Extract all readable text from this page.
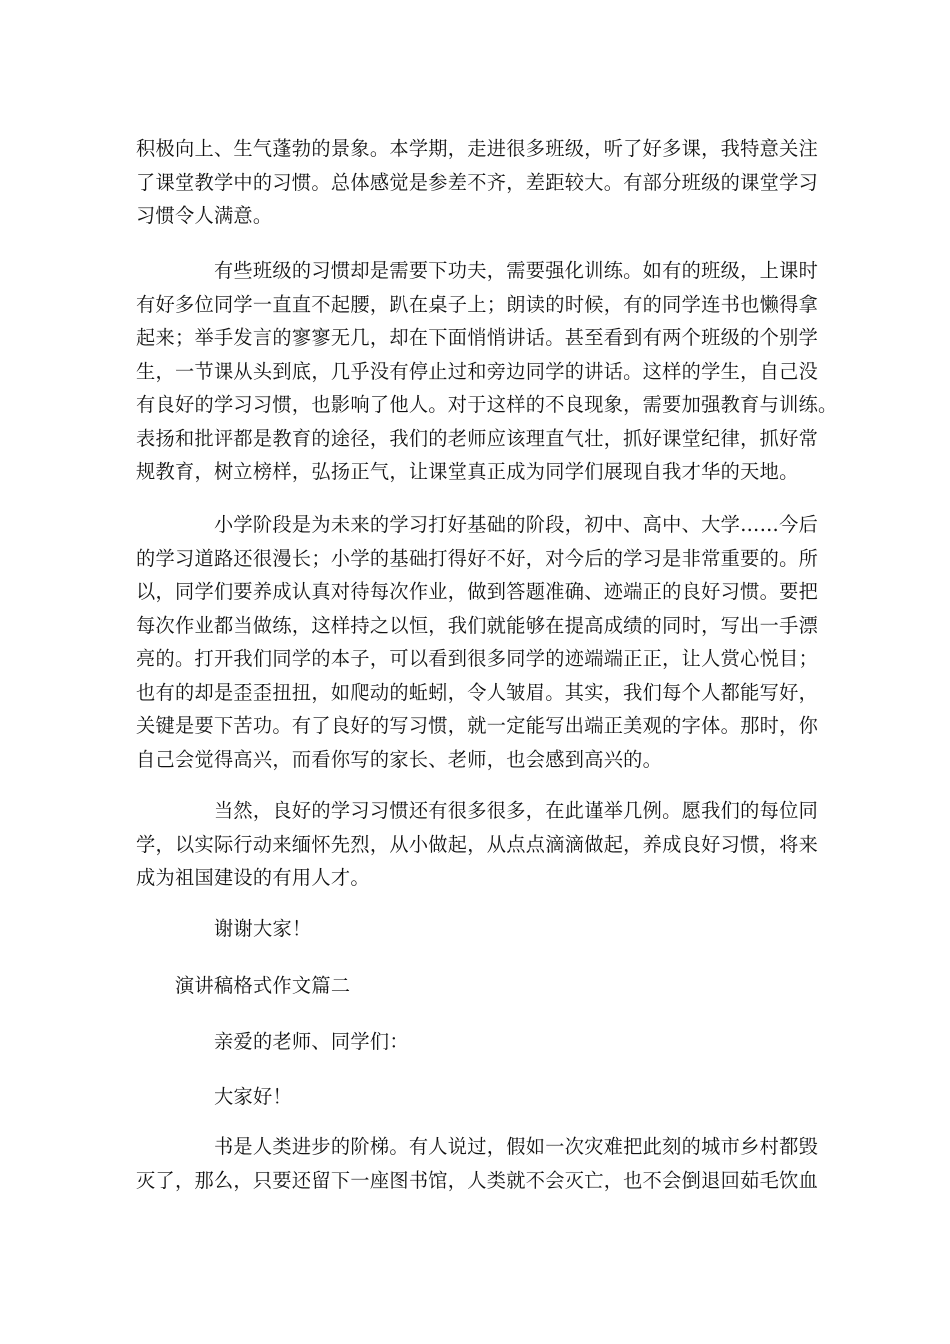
积极向上、生气蓬勃的景象。本学期，走进很多班级，听了好多课，我特意关注
了课堂教学中的习惯。总体感觉是参差不齐，差距较大。有部分班级的课堂学习
习惯令人满意。
　　　　有些班级的习惯却是需要下功夫，需要强化训练。如有的班级，上课时
有好多位同学一直直不起腰，趴在桌子上；朗读的时候，有的同学连书也懒得拿
起来；举手发言的寥寥无几，却在下面悄悄讲话。甚至看到有两个班级的个别学
生，一节课从头到底，几乎没有停止过和旁边同学的讲话。这样的学生，自己没
有良好的学习习惯，也影响了他人。对于这样的不良现象，需要加强教育与训练。
表扬和批评都是教育的途径，我们的老师应该理直气壮，抓好课堂纪律，抓好常
规教育，树立榜样，弘扬正气，让课堂真正成为同学们展现自我才华的天地。
　　　　小学阶段是为未来的学习打好基础的阶段，初中、高中、大学……今后
的学习道路还很漫长；小学的基础打得好不好，对今后的学习是非常重要的。所
以，同学们要养成认真对待每次作业，做到答题准确、迹端正的良好习惯。要把
每次作业都当做练，这样持之以恒，我们就能够在提高成绩的同时，写出一手漂
亮的。打开我们同学的本子，可以看到很多同学的迹端端正正，让人赏心悦目；
也有的却是歪歪扭扭，如爬动的蚯蚓，令人皱眉。其实，我们每个人都能写好，
关键是要下苦功。有了良好的写习惯，就一定能写出端正美观的字体。那时，你
自己会觉得高兴，而看你写的家长、老师，也会感到高兴的。
　　　　当然，良好的学习习惯还有很多很多，在此谨举几例。愿我们的每位同
学，以实际行动来缅怀先烈，从小做起，从点点滴滴做起，养成良好习惯，将来
成为祖国建设的有用人才。
谢谢大家！
演讲稿格式作文篇二
亲爱的老师、同学们：
大家好！
　　　　书是人类进步的阶梯。有人说过，假如一次灾难把此刻的城市乡村都毁
灭了，那么，只要还留下一座图书馆，人类就不会灭亡，也不会倒退回茹毛饮血
